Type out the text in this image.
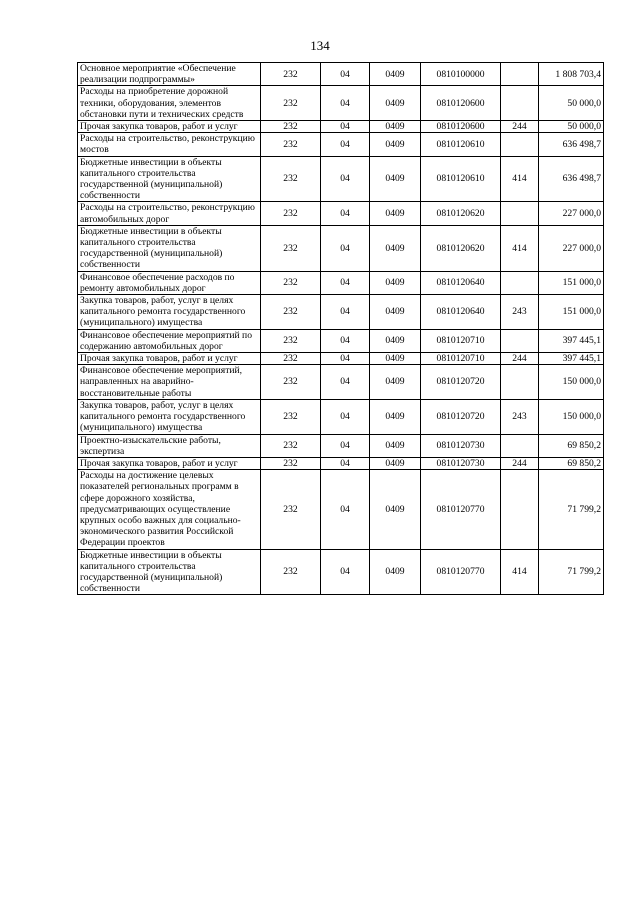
134
Основное мероприятие «Обеспечение реализации подпрограммы»	232	04	0409	0810100000		1 808 703,4
Расходы на приобретение дорожной техники, оборудования, элементов обстановки пути и технических средств	232	04	0409	0810120600		50 000,0
Прочая закупка товаров, работ и услуг	232	04	0409	0810120600	244	50 000,0
Расходы на строительство, реконструкцию мостов	232	04	0409	0810120610		636 498,7
Бюджетные инвестиции в объекты капитального строительства государственной (муниципальной) собственности	232	04	0409	0810120610	414	636 498,7
Расходы на строительство, реконструкцию автомобильных дорог	232	04	0409	0810120620		227 000,0
Бюджетные инвестиции в объекты капитального строительства государственной (муниципальной) собственности	232	04	0409	0810120620	414	227 000,0
Финансовое обеспечение расходов по ремонту автомобильных дорог	232	04	0409	0810120640		151 000,0
Закупка товаров, работ, услуг в целях капитального ремонта государственного (муниципального) имущества	232	04	0409	0810120640	243	151 000,0
Финансовое обеспечение мероприятий по содержанию автомобильных дорог	232	04	0409	0810120710		397 445,1
Прочая закупка товаров, работ и услуг	232	04	0409	0810120710	244	397 445,1
Финансовое обеспечение мероприятий, направленных на аварийно-восстановительные работы	232	04	0409	0810120720		150 000,0
Закупка товаров, работ, услуг в целях капитального ремонта государственного (муниципального) имущества	232	04	0409	0810120720	243	150 000,0
Проектно-изыскательские работы, экспертиза	232	04	0409	0810120730		69 850,2
Прочая закупка товаров, работ и услуг	232	04	0409	0810120730	244	69 850,2
Расходы на достижение целевых показателей региональных программ в сфере дорожного хозяйства, предусматривающих осуществление крупных особо важных для социально-экономического развития Российской Федерации проектов	232	04	0409	0810120770		71 799,2
Бюджетные инвестиции в объекты капитального строительства государственной (муниципальной) собственности	232	04	0409	0810120770	414	71 799,2
